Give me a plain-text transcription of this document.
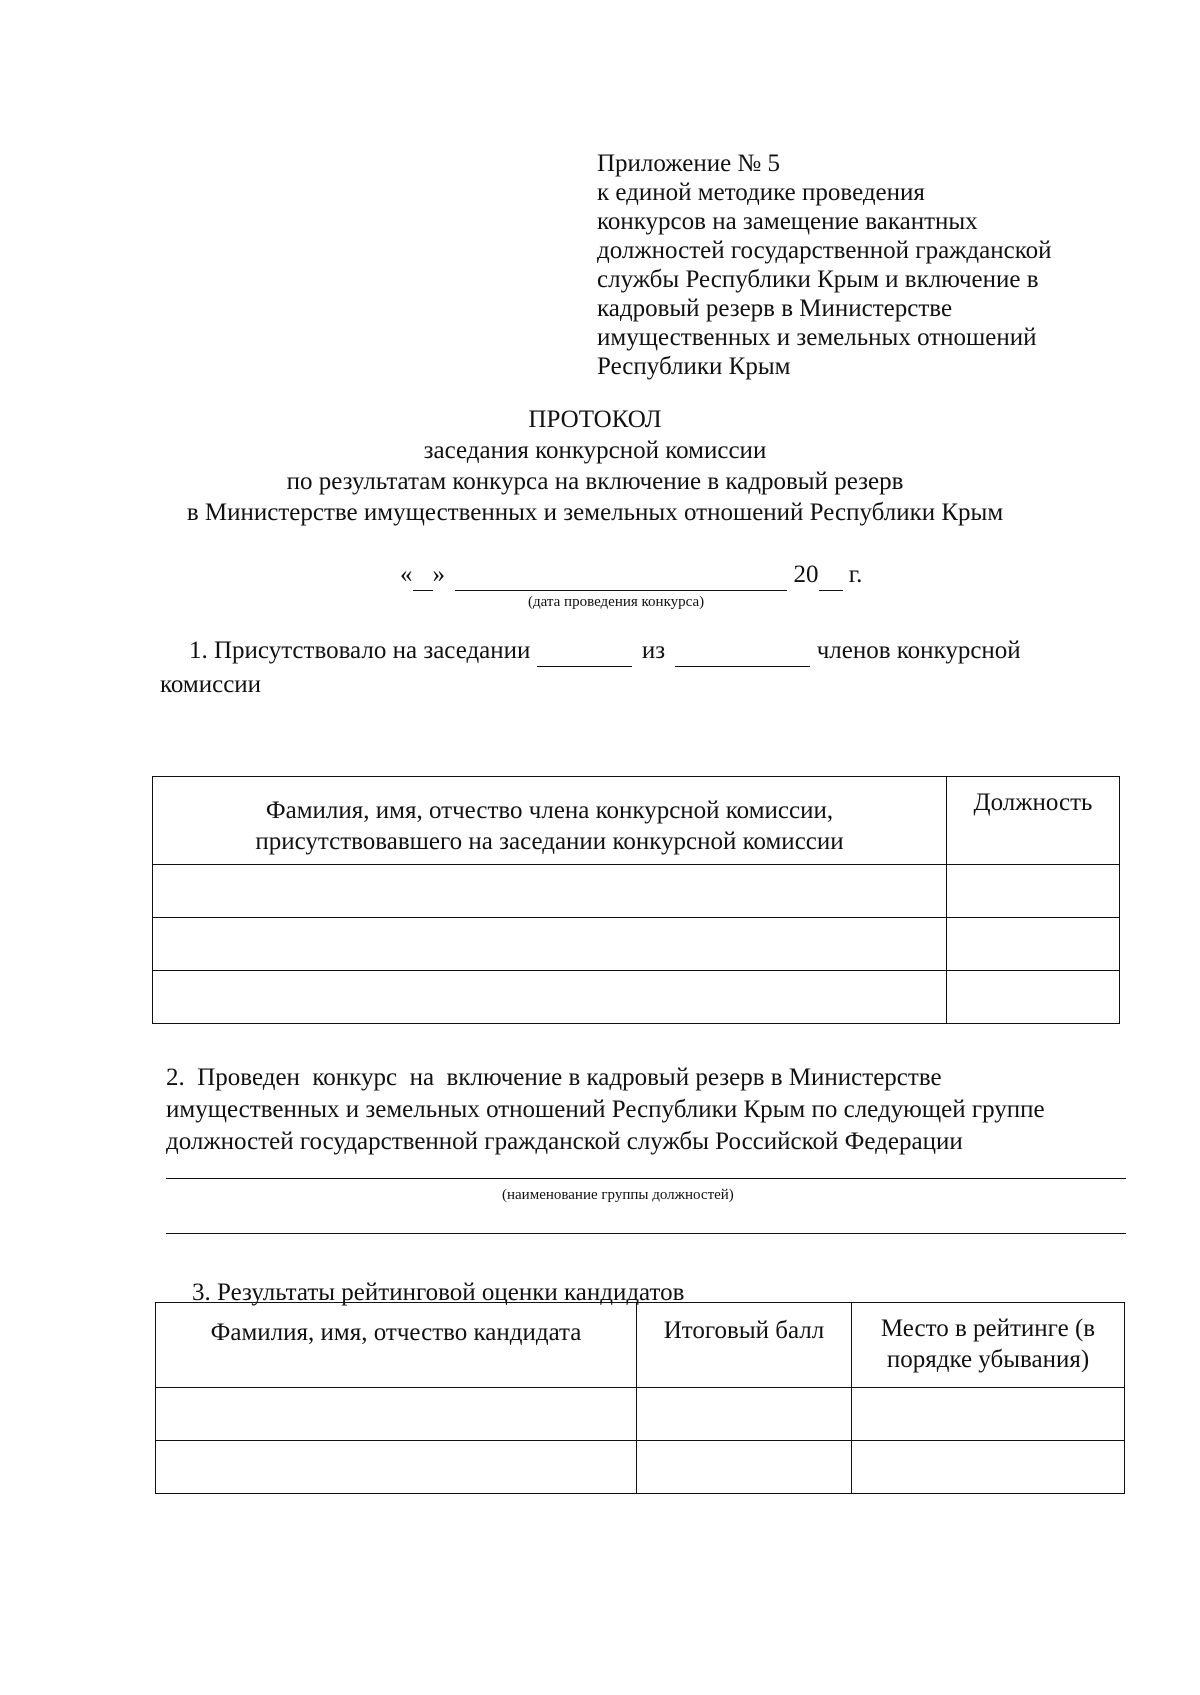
Приложение № 5
к единой методике проведения
конкурсов на замещение вакантных
должностей государственной гражданской
службы Республики Крым и включение в
кадровый резерв в Министерстве
имущественных и земельных отношений
Республики Крым
ПРОТОКОЛ
заседания конкурсной комиссии
по результатам конкурса на включение в кадровый резерв
в Министерстве имущественных и земельных отношений Республики Крым
« »	20 г.
(дата проведения конкурса)
1. Присутствовало на заседании	из	членов конкурсной
комиссии
Фамилия, имя, отчество члена конкурсной комиссии, присутствовавшего на заседании конкурсной комиссии	Должность

2.  Проведен  конкурс  на  включение в кадровый резерв в Министерстве
имущественных и земельных отношений Республики Крым по следующей группе
должностей государственной гражданской службы Российской Федерации
(наименование группы должностей)
3. Результаты рейтинговой оценки кандидатов
Фамилия, имя, отчество кандидата	Итоговый балл	Место в рейтинге (в порядке убывания)
